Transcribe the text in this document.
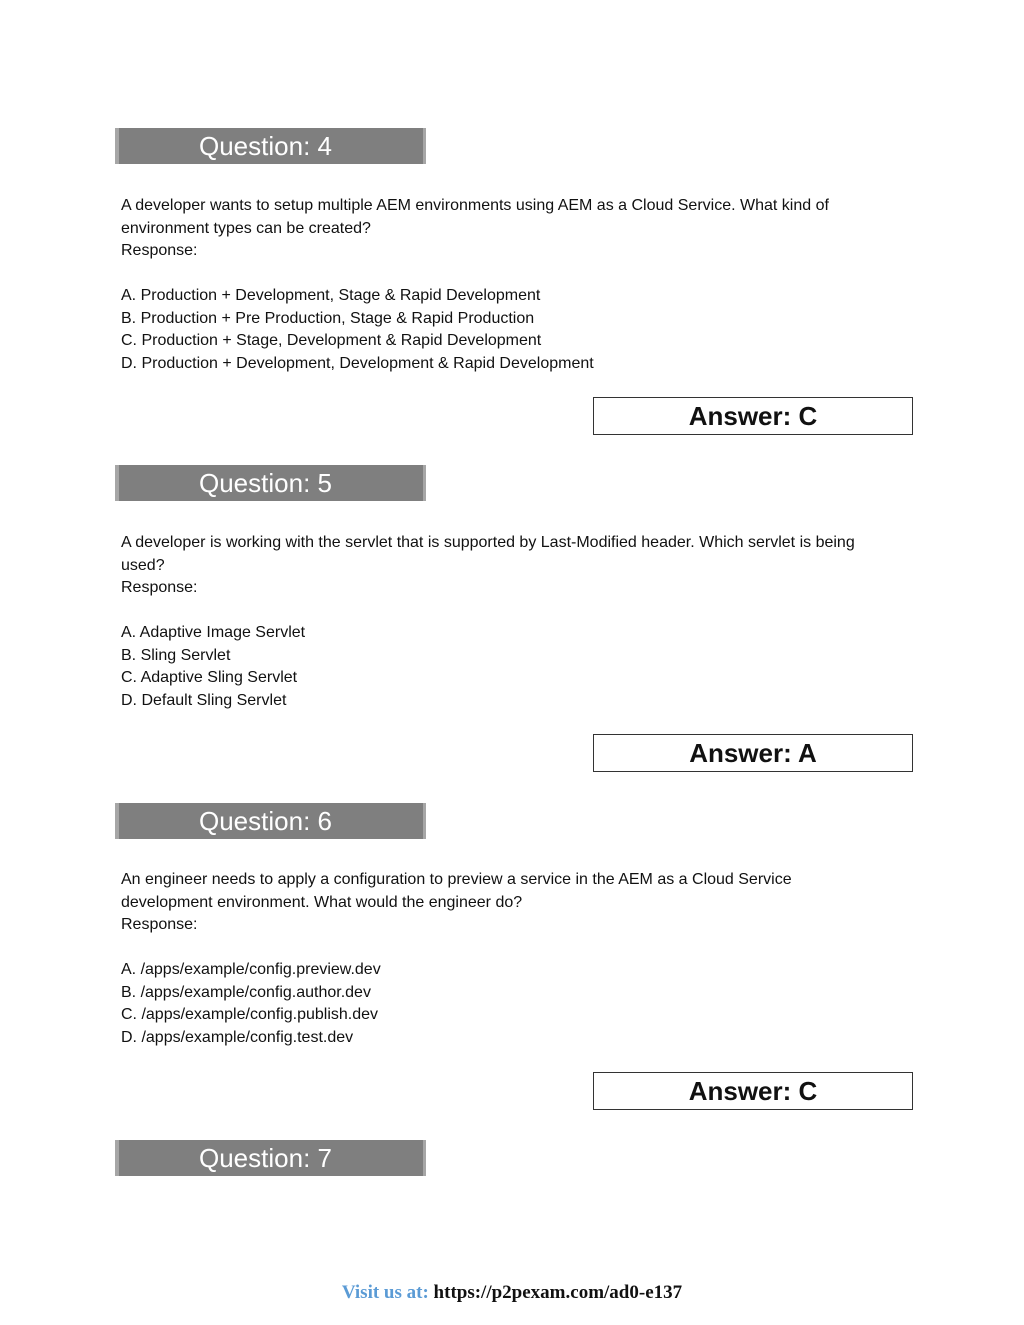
Question: 4

A developer wants to setup multiple AEM environments using AEM as a Cloud Service. What kind of

environment types can be created?

Response:

A. Production + Development, Stage & Rapid Development

B. Production + Pre Production, Stage & Rapid Production

C. Production + Stage, Development & Rapid Development

D. Production + Development, Development & Rapid Development

Answer: C
Question: 5

A developer is working with the servlet that is supported by Last-Modified header. Which servlet is being

used?

Response:

A. Adaptive Image Servlet

B. Sling Servlet

C. Adaptive Sling Servlet

D. Default Sling Servlet

Answer: A
Question: 6

An engineer needs to apply a configuration to preview a service in the AEM as a Cloud Service

development environment. What would the engineer do?

Response:

A. /apps/example/config.preview.dev

B. /apps/example/config.author.dev

C. /apps/example/config.publish.dev

D. /apps/example/config.test.dev

Answer: C
Question: 7
Visit us at: https://p2pexam.com/ad0-e137
